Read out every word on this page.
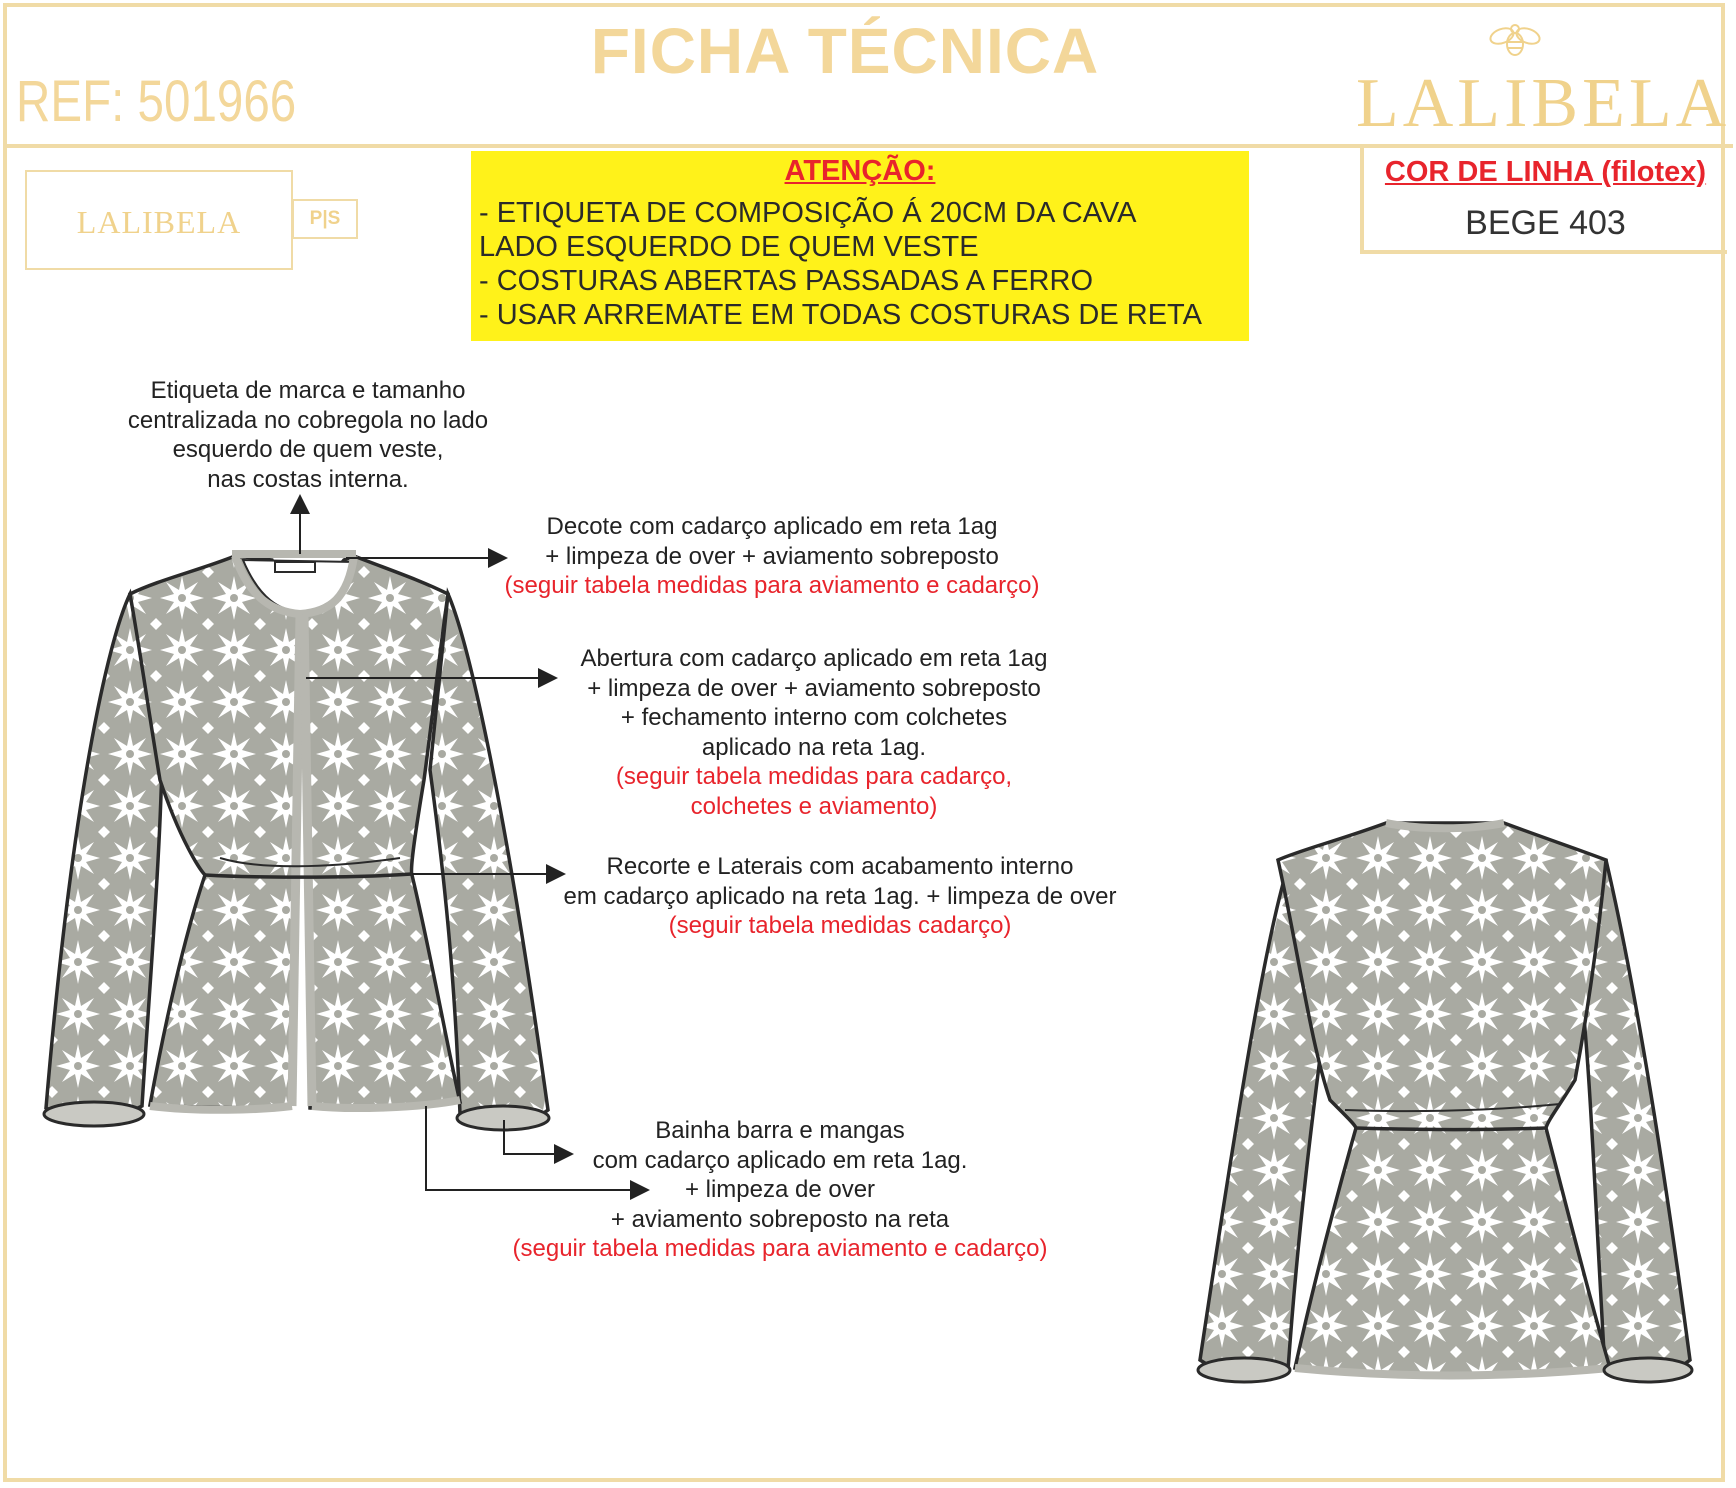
REF: 501966
FICHA TÉCNICA
LALIBELA
LALIBELA	P|S
ATENÇÃO:
- ETIQUETA DE COMPOSIÇÃO Á 20CM DA CAVA
LADO ESQUERDO DE QUEM VESTE
- COSTURAS ABERTAS PASSADAS A FERRO
- USAR ARREMATE EM TODAS COSTURAS DE RETA
COR DE LINHA (filotex)
BEGE 403
Etiqueta de marca e tamanho
centralizada no cobregola no lado
esquerdo de quem veste,
nas costas interna.
Decote com cadarço aplicado em reta 1ag
+ limpeza de over + aviamento sobreposto
(seguir tabela medidas para aviamento e cadarço)
Abertura com cadarço aplicado em reta 1ag
+ limpeza de over + aviamento sobreposto
+ fechamento interno com colchetes
aplicado na reta 1ag.
(seguir tabela medidas para cadarço,
colchetes e aviamento)
Recorte e Laterais com acabamento interno
em cadarço aplicado na reta 1ag. + limpeza de over
(seguir tabela medidas cadarço)
Bainha barra e mangas
com cadarço aplicado em reta 1ag.
+ limpeza de over
+ aviamento sobreposto na reta
(seguir tabela medidas para aviamento e cadarço)
